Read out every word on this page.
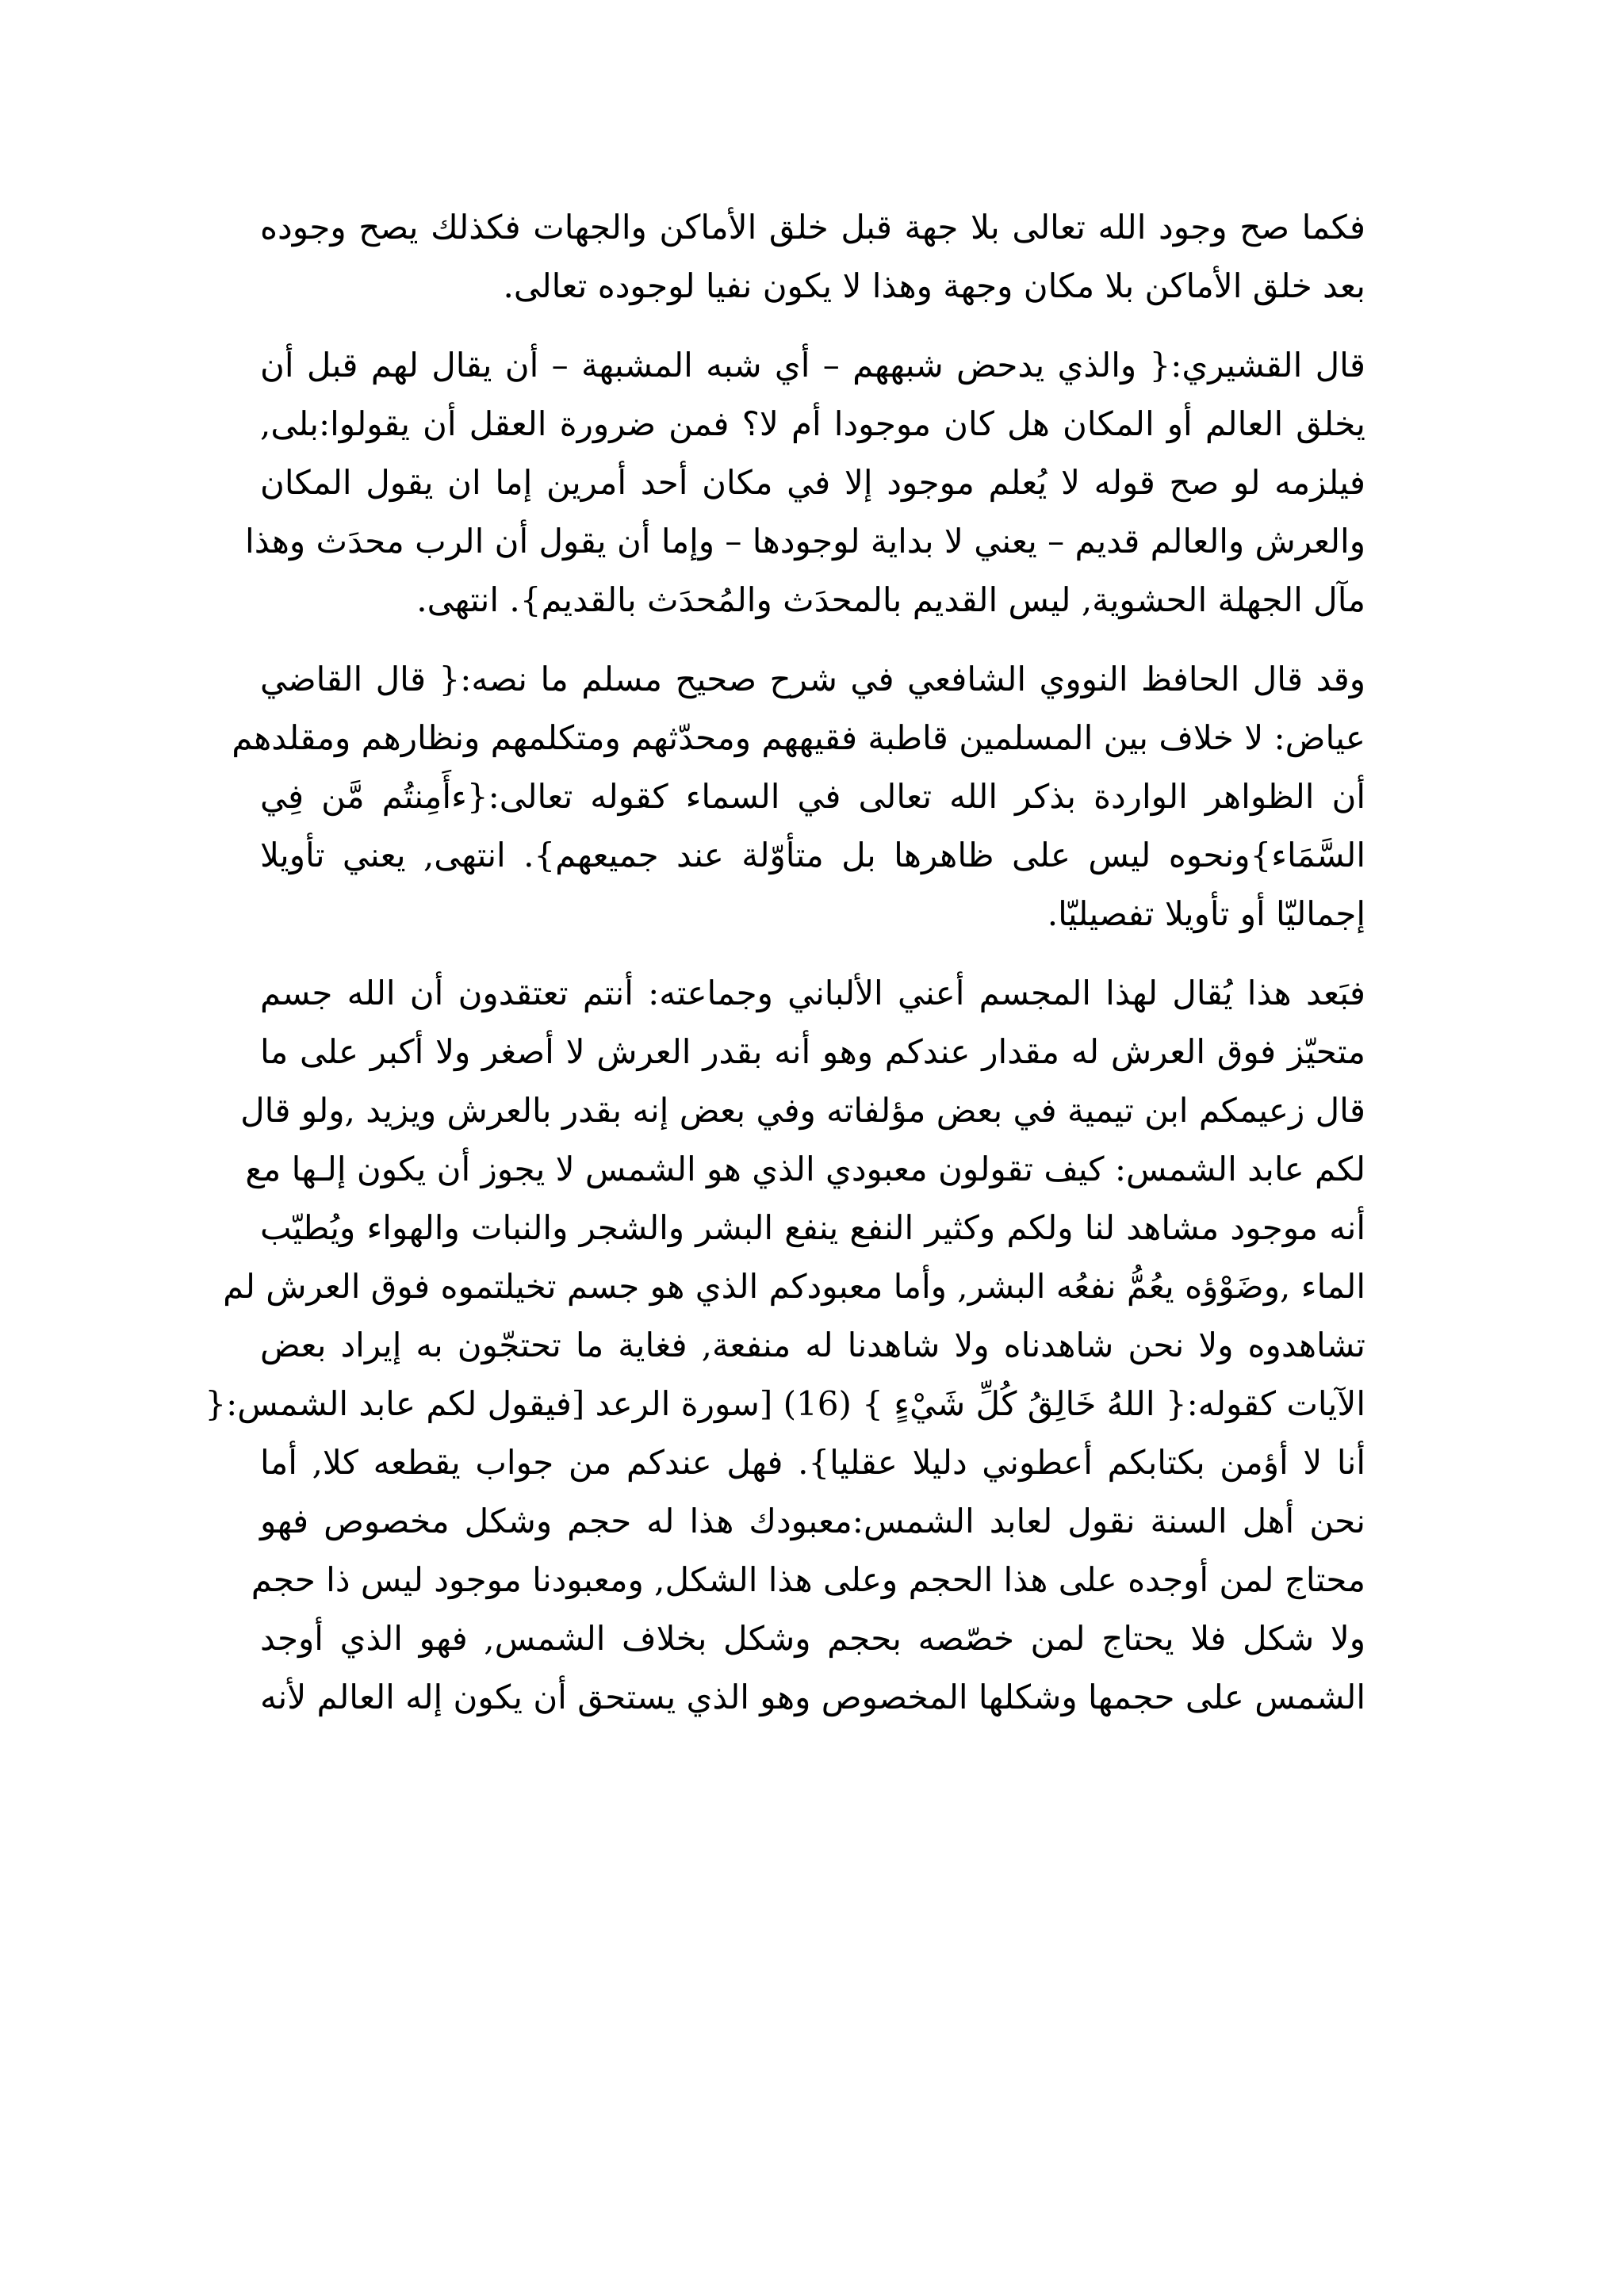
فكما صح وجود الله تعالى بلا جهة قبل خلق الأماكن والجهات فكذلك يصح وجوده
بعد خلق الأماكن بلا مكان وجهة وهذا لا يكون نفيا لوجوده تعالى.
قال القشيري:{ والذي يدحض شبههم – أي شبه المشبهة – أن يقال لهم قبل أن
يخلق العالم أو المكان هل كان موجودا أم لا؟ فمن ضرورة العقل أن يقولوا:بلى,
فيلزمه لو صح قوله لا يُعلم موجود إلا في مكان أحد أمرين إما ان يقول المكان
والعرش والعالم قديم – يعني لا بداية لوجودها – وإما أن يقول أن الرب محدَث وهذا
مآل الجهلة الحشوية, ليس القديم بالمحدَث والمُحدَث بالقديم}. انتهى.
وقد قال الحافظ النووي الشافعي في شرح صحيح مسلم ما نصه:{ قال القاضي
عياض: لا خلاف بين المسلمين قاطبة فقيههم ومحدّثهم ومتكلمهم ونظارهم ومقلدهم
أن الظواهر الواردة بذكر الله تعالى في السماء كقوله تعالى:{ءأَمِنتُم مَّن فِي
السَّمَاء}ونحوه ليس على ظاهرها بل متأوّلة عند جميعهم}. انتهى, يعني تأويلا
إجماليّا أو تأويلا تفصيليّا.
فبَعد هذا يُقال لهذا المجسم أعني الألباني وجماعته: أنتم تعتقدون أن الله جسم
متحيّز فوق العرش له مقدار عندكم وهو أنه بقدر العرش لا أصغر ولا أكبر على ما
قال زعيمكم ابن تيمية في بعض مؤلفاته وفي بعض إنه بقدر بالعرش ويزيد ,ولو قال
لكم عابد الشمس: كيف تقولون معبودي الذي هو الشمس لا يجوز أن يكون إلـها مع
أنه موجود مشاهد لنا ولكم وكثير النفع ينفع البشر والشجر والنبات والهواء ويُطيّب
الماء ,وضَوْؤه يعُمُّ نفعُه البشر, وأما معبودكم الذي هو جسم تخيلتموه فوق العرش لم
تشاهدوه ولا نحن شاهدناه ولا شاهدنا له منفعة, فغاية ما تحتجّون به إيراد بعض
الآيات كقوله:{ اللهُ خَالِقُ كُلِّ شَيْءٍ } (16) [سورة الرعد [فيقول لكم عابد الشمس:{
أنا لا أؤمن بكتابكم أعطوني دليلا عقليا}. فهل عندكم من جواب يقطعه كلا, أما
نحن أهل السنة نقول لعابد الشمس:معبودك هذا له حجم وشكل مخصوص فهو
محتاج لمن أوجده على هذا الحجم وعلى هذا الشكل, ومعبودنا موجود ليس ذا حجم
ولا شكل فلا يحتاج لمن خصّصه بحجم وشكل بخلاف الشمس, فهو الذي أوجد
الشمس على حجمها وشكلها المخصوص وهو الذي يستحق أن يكون إله العالم لأنه
